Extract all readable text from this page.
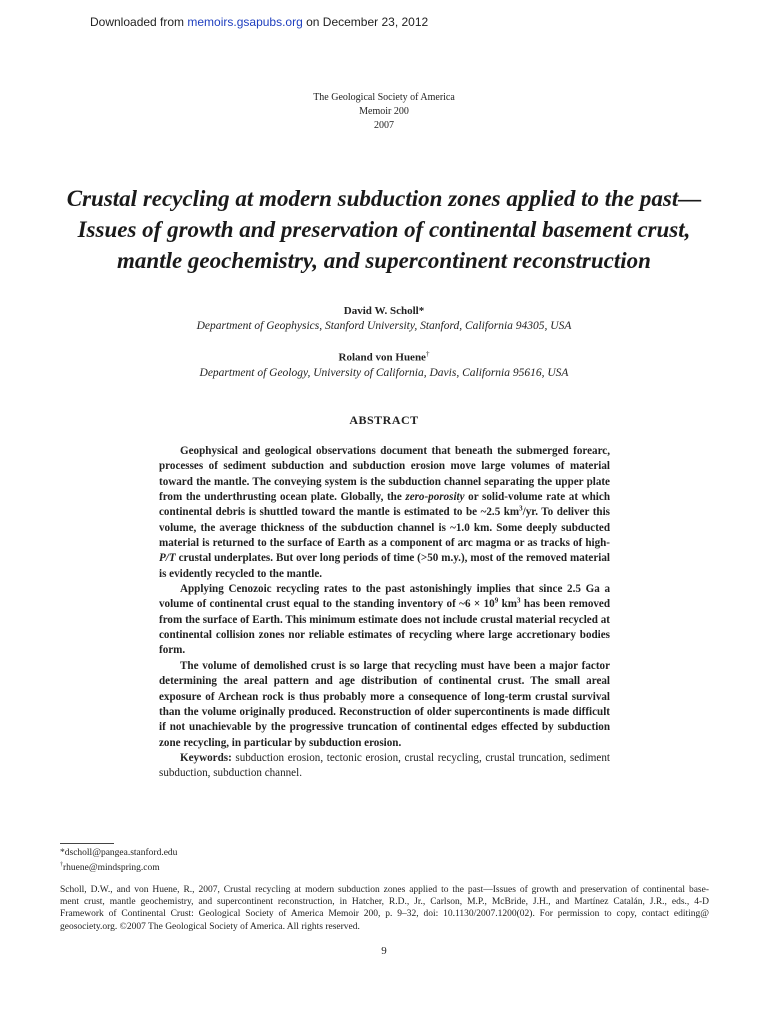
Downloaded from memoirs.gsapubs.org on December 23, 2012
The Geological Society of America
Memoir 200
2007
Crustal recycling at modern subduction zones applied to the past—
Issues of growth and preservation of continental basement crust,
mantle geochemistry, and supercontinent reconstruction
David W. Scholl*
Department of Geophysics, Stanford University, Stanford, California 94305, USA
Roland von Huene†
Department of Geology, University of California, Davis, California 95616, USA
ABSTRACT

Geophysical and geological observations document that beneath the submerged forearc, processes of sediment subduction and subduction erosion move large volumes of material toward the mantle. The conveying system is the subduction channel separating the upper plate from the underthrusting ocean plate. Globally, the zero-porosity or solid-volume rate at which continental debris is shuttled toward the mantle is estimated to be ~2.5 $km^3/yr$. To deliver this volume, the average thickness of the subduction channel is ~1.0 km. Some deeply subducted material is returned to the surface of Earth as a component of arc magma or as tracks of high-P/T crustal underplates. But over long periods of time (>50 m.y.), most of the removed material is evidently recycled to the mantle.

Applying Cenozoic recycling rates to the past astonishingly implies that since 2.5 Ga a volume of continental crust equal to the standing inventory of ~6 × $10^9$ $km^3$ has been removed from the surface of Earth. This minimum estimate does not include crustal material recycled at continental collision zones nor reliable estimates of recycling where large accretionary bodies form.

The volume of demolished crust is so large that recycling must have been a major factor determining the areal pattern and age distribution of continental crust. The small areal exposure of Archean rock is thus probably more a consequence of long-term crustal survival than the volume originally produced. Reconstruction of older supercontinents is made difficult if not unachievable by the progressive truncation of continental edges effected by subduction zone recycling, in particular by subduction erosion.

Keywords: subduction erosion, tectonic erosion, crustal recycling, crustal truncation, sediment subduction, subduction channel.

*dscholl@pangea.stanford.edu
†rhuene@mindspring.com
Scholl, D.W., and von Huene, R., 2007, Crustal recycling at modern subduction zones applied to the past—Issues of growth and preservation of continental base-
ment crust, mantle geochemistry, and supercontinent reconstruction, in Hatcher, R.D., Jr., Carlson, M.P., McBride, J.H., and Martínez Catalán, J.R., eds., 4-D
Framework of Continental Crust: Geological Society of America Memoir 200, p. 9–32, doi: 10.1130/2007.1200(02). For permission to copy, contact editing@
geosociety.org. ©2007 The Geological Society of America. All rights reserved.
9
